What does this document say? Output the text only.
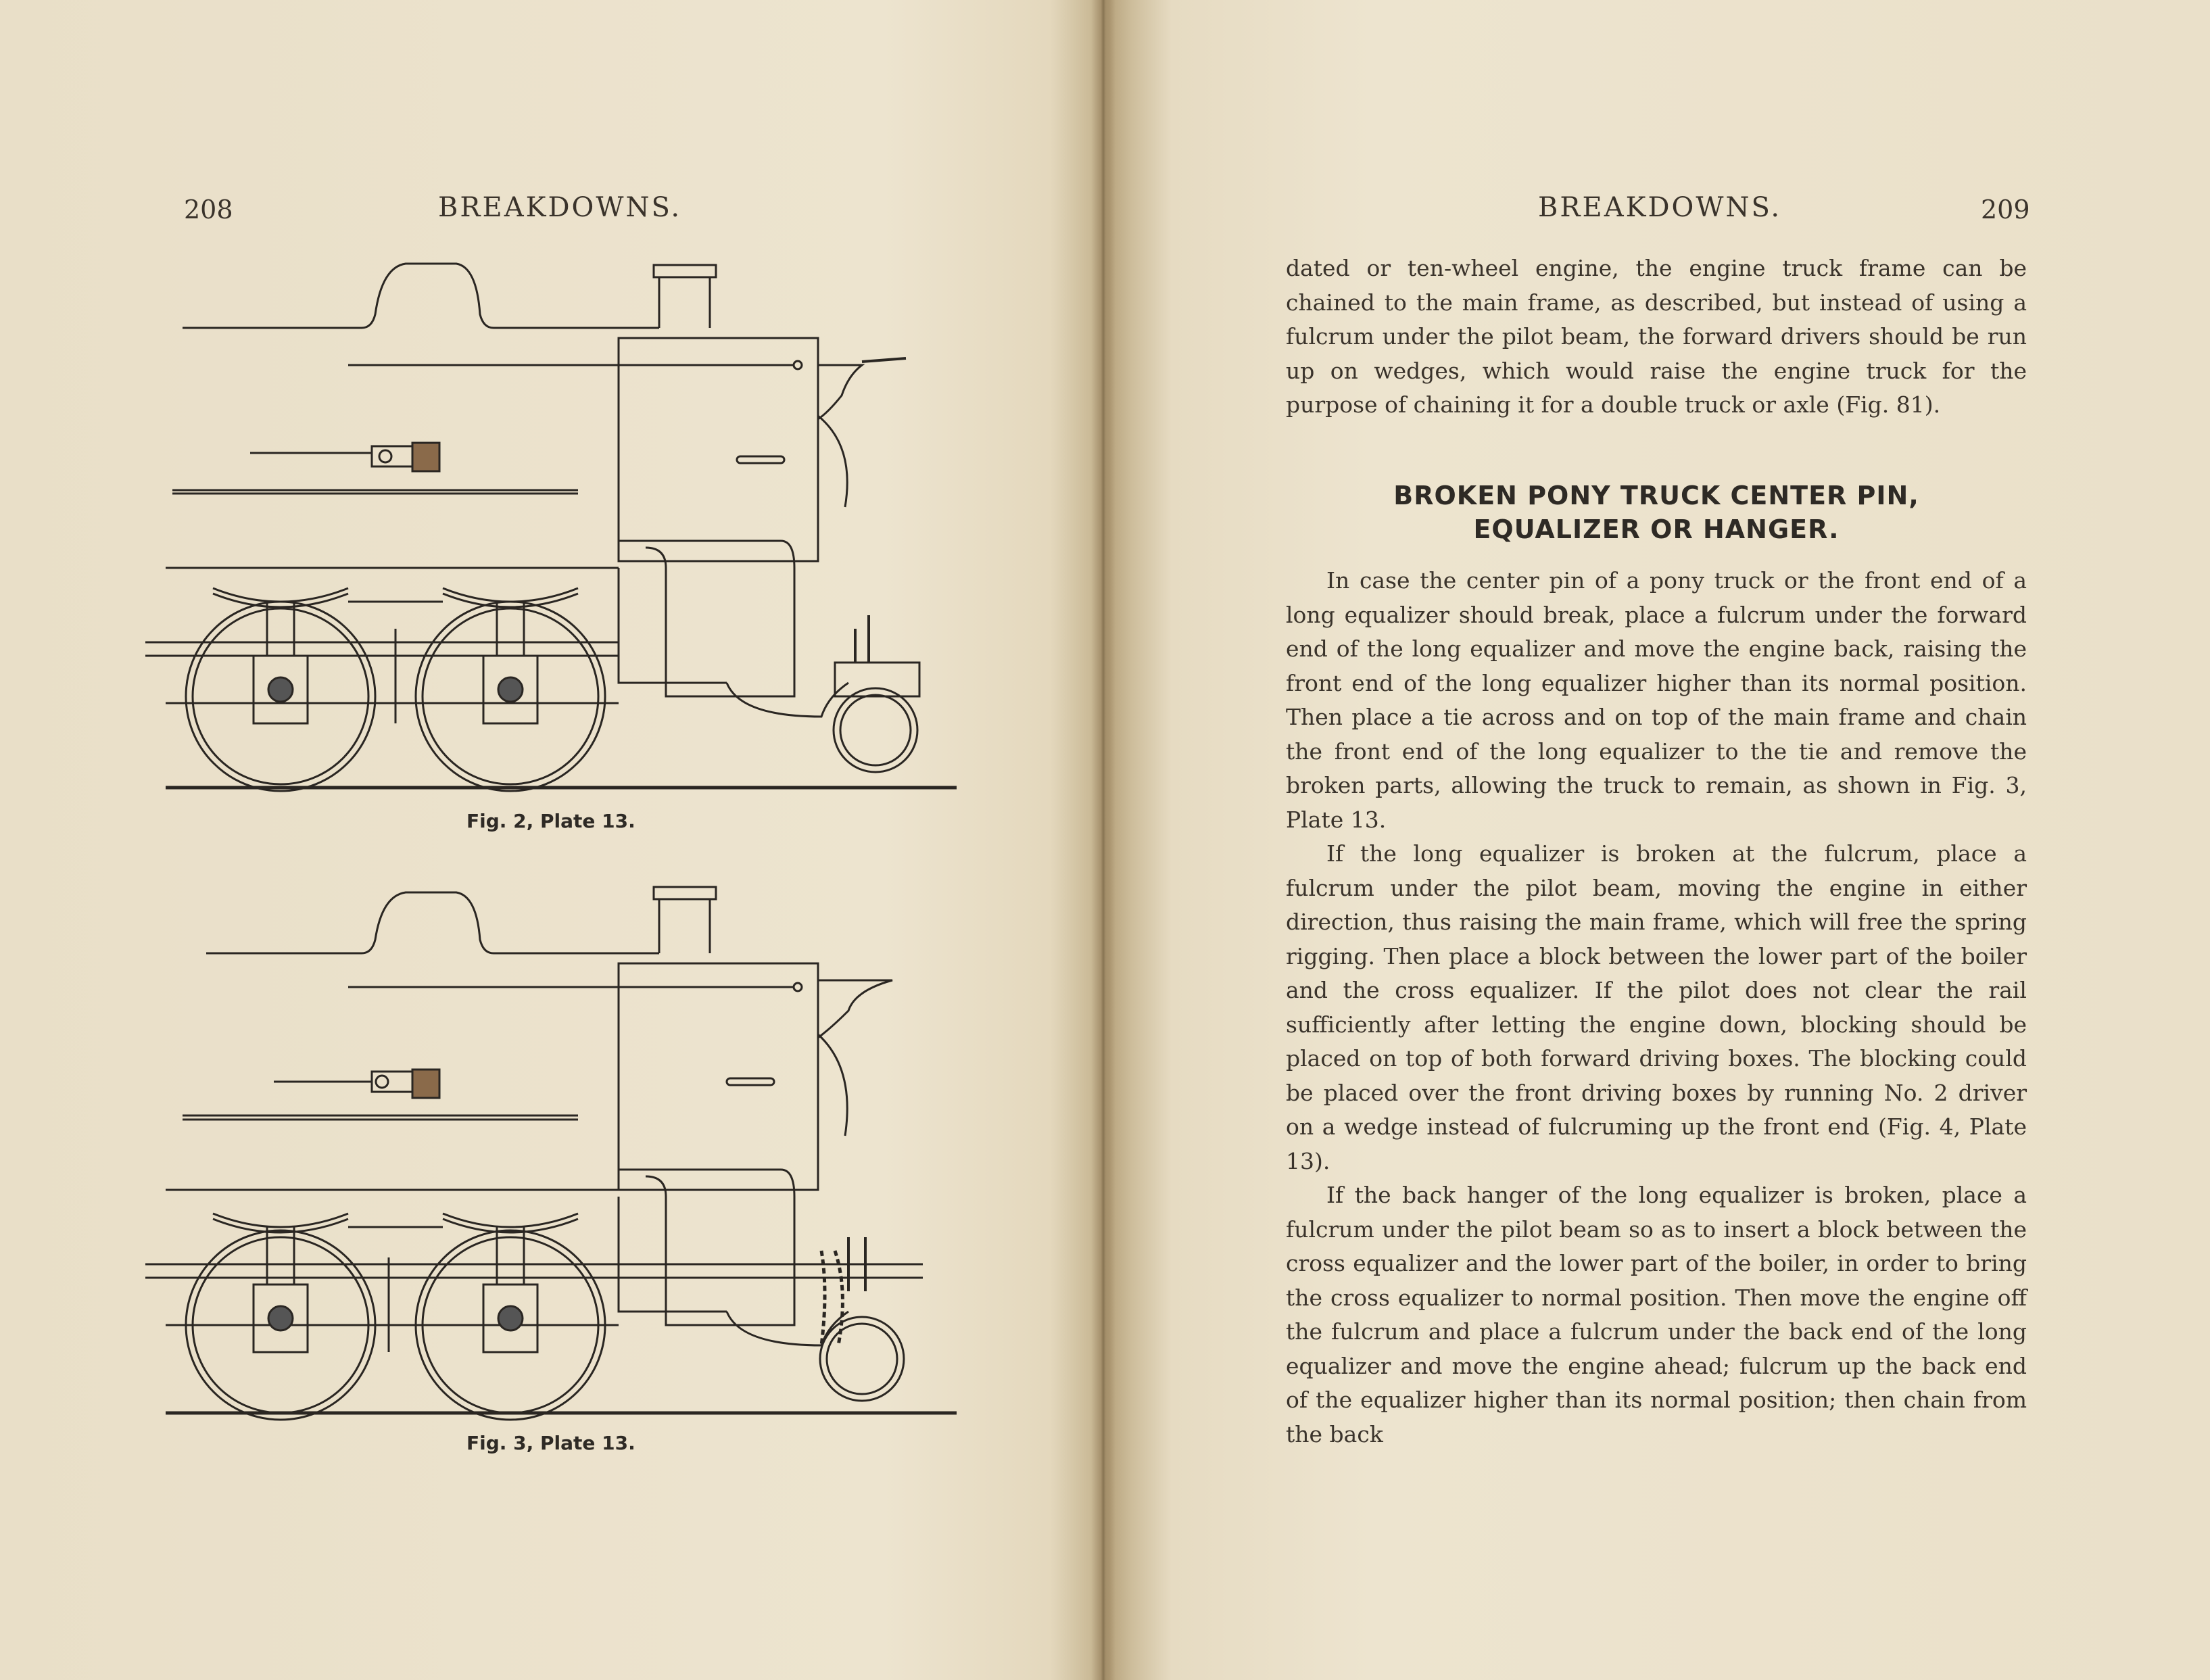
208	BREAKDOWNS.
Fig. 2, Plate 13.
Fig. 3, Plate 13.
209
BREAKDOWNS.

dated or ten-wheel engine, the engine truck frame can be chained to the main frame, as described, but instead of using a fulcrum under the pilot beam, the forward drivers should be run up on wedges, which would raise the engine truck for the purpose of chaining it for a double truck or axle (Fig. 81).

BROKEN PONY TRUCK CENTER PIN,
EQUALIZER OR HANGER.

In case the center pin of a pony truck or the front end of a long equalizer should break, place a fulcrum under the forward end of the long equalizer and move the engine back, raising the front end of the long equalizer higher than its normal position. Then place a tie across and on top of the main frame and chain the front end of the long equalizer to the tie and remove the broken parts, allowing the truck to remain, as shown in Fig. 3, Plate 13.

If the long equalizer is broken at the fulcrum, place a fulcrum under the pilot beam, moving the engine in either direction, thus raising the main frame, which will free the spring rigging. Then place a block between the lower part of the boiler and the cross equalizer. If the pilot does not clear the rail sufficiently after letting the engine down, blocking should be placed on top of both forward driving boxes. The blocking could be placed over the front driving boxes by running No. 2 driver on a wedge instead of fulcruming up the front end (Fig. 4, Plate 13).

If the back hanger of the long equalizer is broken, place a fulcrum under the pilot beam so as to insert a block between the cross equalizer and the lower part of the boiler, in order to bring the cross equalizer to normal position. Then move the engine off the fulcrum and place a fulcrum under the back end of the long equalizer and move the engine ahead; fulcrum up the back end of the equalizer higher than its normal position; then chain from the back
